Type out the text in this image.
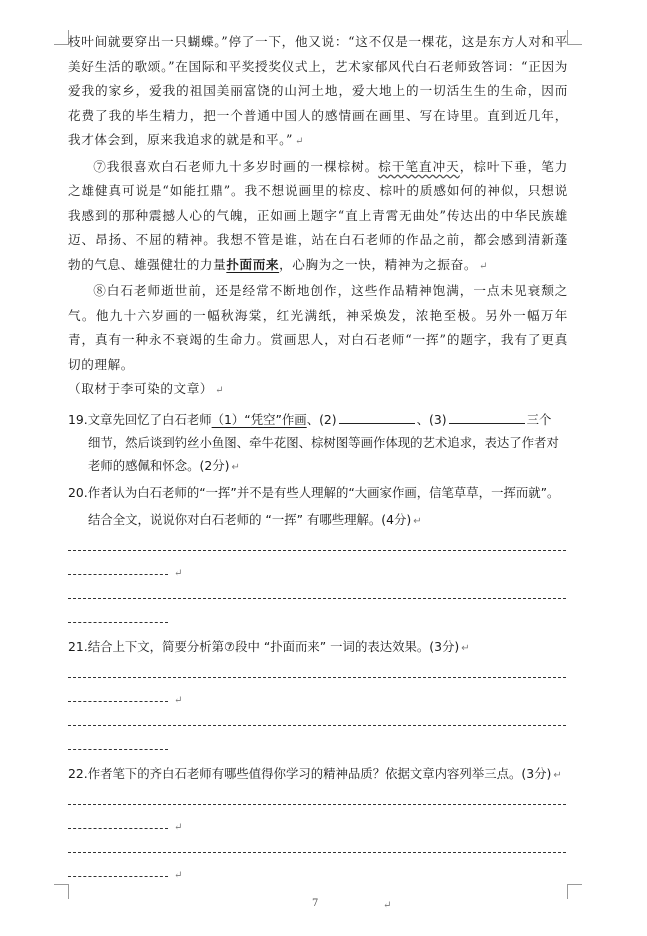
枝叶间就要穿出一只蝴蝶。”停了一下，他又说：“这不仅是一棵花，这是东方人对和平美好生活的歌颂。”在国际和平奖授奖仪式上，艺术家郁风代白石老师致答词：“正因为爱我的家乡，爱我的祖国美丽富饶的山河土地，爱大地上的一切活生生的生命，因而花费了我的毕生精力，把一个普通中国人的感情画在画里、写在诗里。直到近几年，我才体会到，原来我追求的就是和平。” ↵

⑦我很喜欢白石老师九十多岁时画的一棵棕树。棕干笔直冲天，棕叶下垂，笔力之雄健真可说是“如能扛鼎”。我不想说画里的棕皮、棕叶的质感如何的神似，只想说我感到的那种震撼人心的气魄，正如画上题字“直上青霄无曲处”传达出的中华民族雄迈、昂扬、不屈的精神。我想不管是谁，站在白石老师的作品之前，都会感到清新蓬勃的气息、雄强健壮的力量扑面而来，心胸为之一快，精神为之振奋。 ↵

⑧白石老师逝世前，还是经常不断地创作，这些作品精神饱满，一点未见衰颓之气。他九十六岁画的一幅秋海棠，红光满纸，神采焕发，浓艳至极。另外一幅万年青，真有一种永不衰竭的生命力。赏画思人，对白石老师“一挥”的题字，我有了更真切的理解。

（取材于李可染的文章） ↵

19.文章先回忆了白石老师（1）“凭空”作画、(2)	、(3)	三个

细节，然后谈到钓丝小鱼图、牵牛花图、棕树图等画作体现的艺术追求，表达了作者对老师的感佩和怀念。(2分) ↵

20.作者认为白石老师的“一挥”并不是有些人理解的“大画家作画，信笔草草，一挥而就”。

结合全文，说说你对白石老师的 “一挥” 有哪些理解。(4分) ↵

↵

21.结合上下文，简要分析第⑦段中 “扑面而来” 一词的表达效果。(3分) ↵

↵

22.作者笔下的齐白石老师有哪些值得你学习的精神品质？依据文章内容列举三点。(3分) ↵

↵
↵
7	↵
